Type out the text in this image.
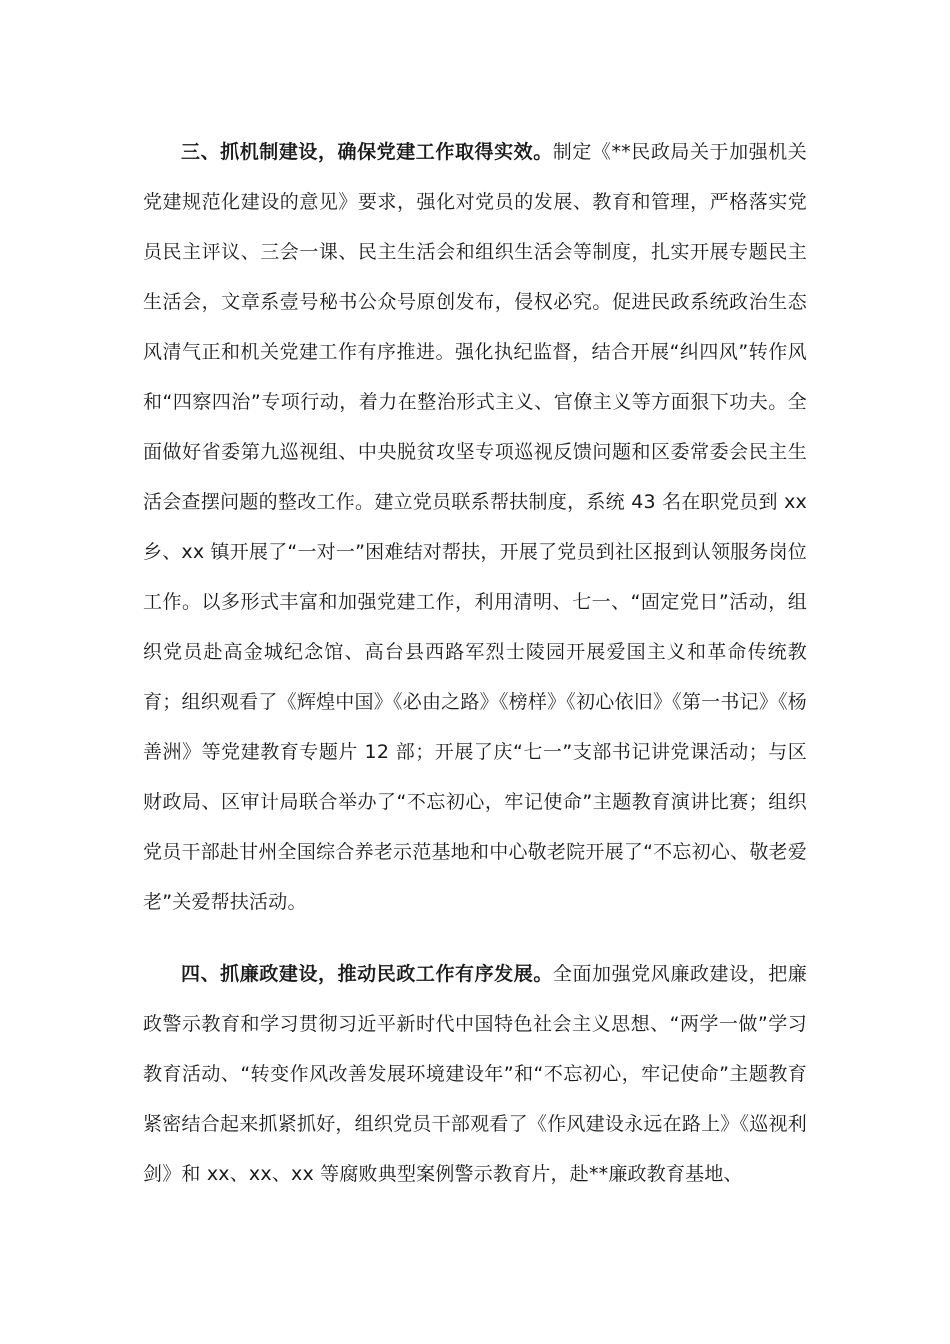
三、抓机制建设，确保党建工作取得实效。制定《**民政局关于加强机关党建规范化建设的意见》要求，强化对党员的发展、教育和管理，严格落实党员民主评议、三会一课、民主生活会和组织生活会等制度，扎实开展专题民主生活会，文章系壹号秘书公众号原创发布，侵权必究。促进民政系统政治生态风清气正和机关党建工作有序推进。强化执纪监督，结合开展“纠四风”转作风和“四察四治”专项行动，着力在整治形式主义、官僚主义等方面狠下功夫。全面做好省委第九巡视组、中央脱贫攻坚专项巡视反馈问题和区委常委会民主生活会查摆问题的整改工作。建立党员联系帮扶制度，系统 43 名在职党员到 xx 乡、xx 镇开展了“一对一”困难结对帮扶，开展了党员到社区报到认领服务岗位工作。以多形式丰富和加强党建工作，利用清明、七一、“固定党日”活动，组织党员赴高金城纪念馆、高台县西路军烈士陵园开展爱国主义和革命传统教育；组织观看了《辉煌中国》《必由之路》《榜样》《初心依旧》《第一书记》《杨善洲》等党建教育专题片 12 部；开展了庆“七一”支部书记讲党课活动；与区财政局、区审计局联合举办了“不忘初心，牢记使命”主题教育演讲比赛；组织党员干部赴甘州全国综合养老示范基地和中心敬老院开展了“不忘初心、敬老爱老”关爱帮扶活动。

四、抓廉政建设，推动民政工作有序发展。全面加强党风廉政建设，把廉政警示教育和学习贯彻习近平新时代中国特色社会主义思想、“两学一做”学习教育活动、“转变作风改善发展环境建设年”和“不忘初心，牢记使命”主题教育紧密结合起来抓紧抓好，组织党员干部观看了《作风建设永远在路上》《巡视利剑》和 xx、xx、xx 等腐败典型案例警示教育片，赴**廉政教育基地、
